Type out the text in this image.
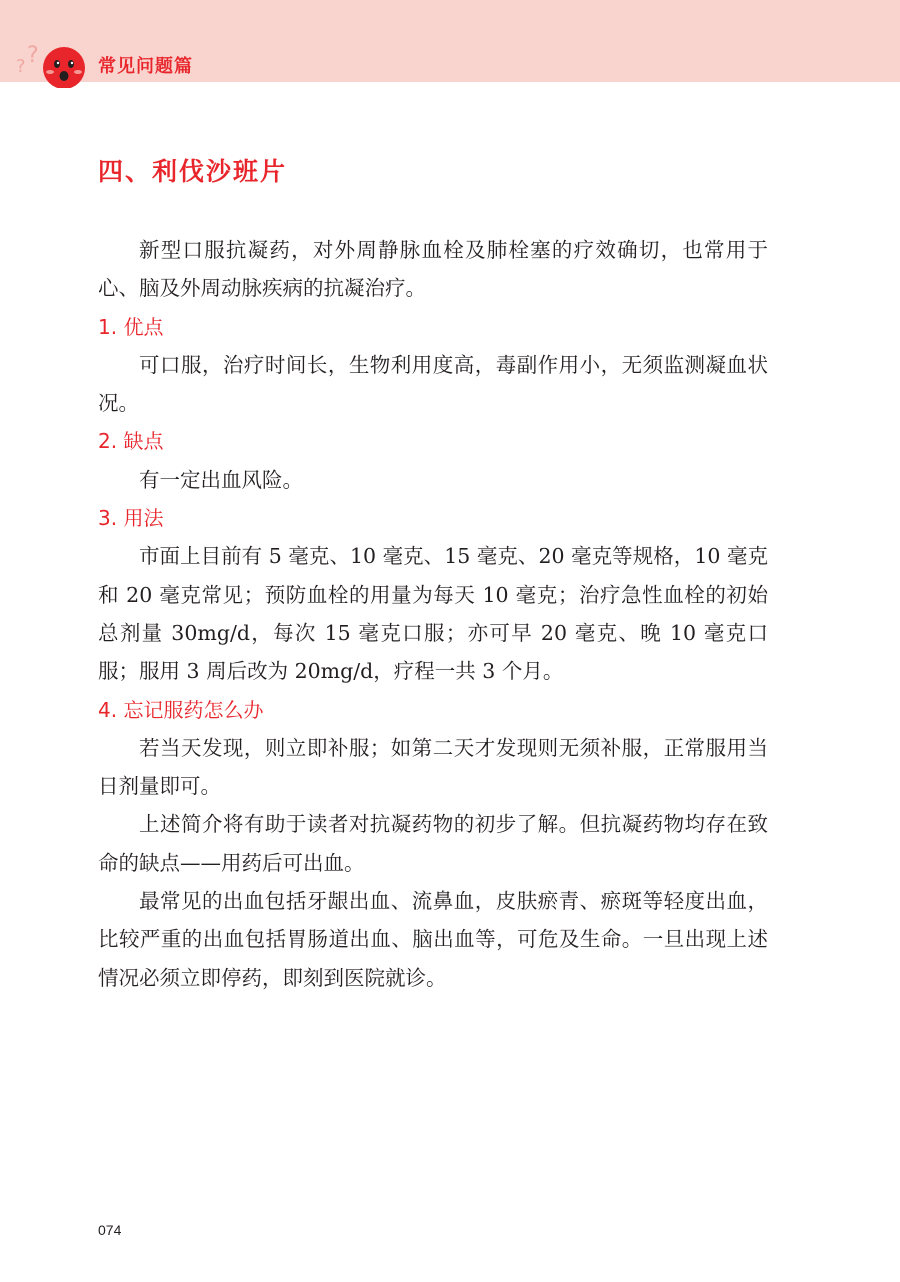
? ?	常见问题篇
四、利伐沙班片

新型口服抗凝药，对外周静脉血栓及肺栓塞的疗效确切，也常用于心、脑及外周动脉疾病的抗凝治疗。

1. 优点

可口服，治疗时间长，生物利用度高，毒副作用小，无须监测凝血状况。

2. 缺点

有一定出血风险。

3. 用法

市面上目前有 5 毫克、10 毫克、15 毫克、20 毫克等规格，10 毫克和 20 毫克常见；预防血栓的用量为每天 10 毫克；治疗急性血栓的初始总剂量 30mg/d，每次 15 毫克口服；亦可早 20 毫克、晚 10 毫克口服；服用 3 周后改为 20mg/d，疗程一共 3 个月。

4. 忘记服药怎么办

若当天发现，则立即补服；如第二天才发现则无须补服，正常服用当日剂量即可。

上述简介将有助于读者对抗凝药物的初步了解。但抗凝药物均存在致命的缺点——用药后可出血。

最常见的出血包括牙龈出血、流鼻血，皮肤瘀青、瘀斑等轻度出血，比较严重的出血包括胃肠道出血、脑出血等，可危及生命。一旦出现上述情况必须立即停药，即刻到医院就诊。

074
